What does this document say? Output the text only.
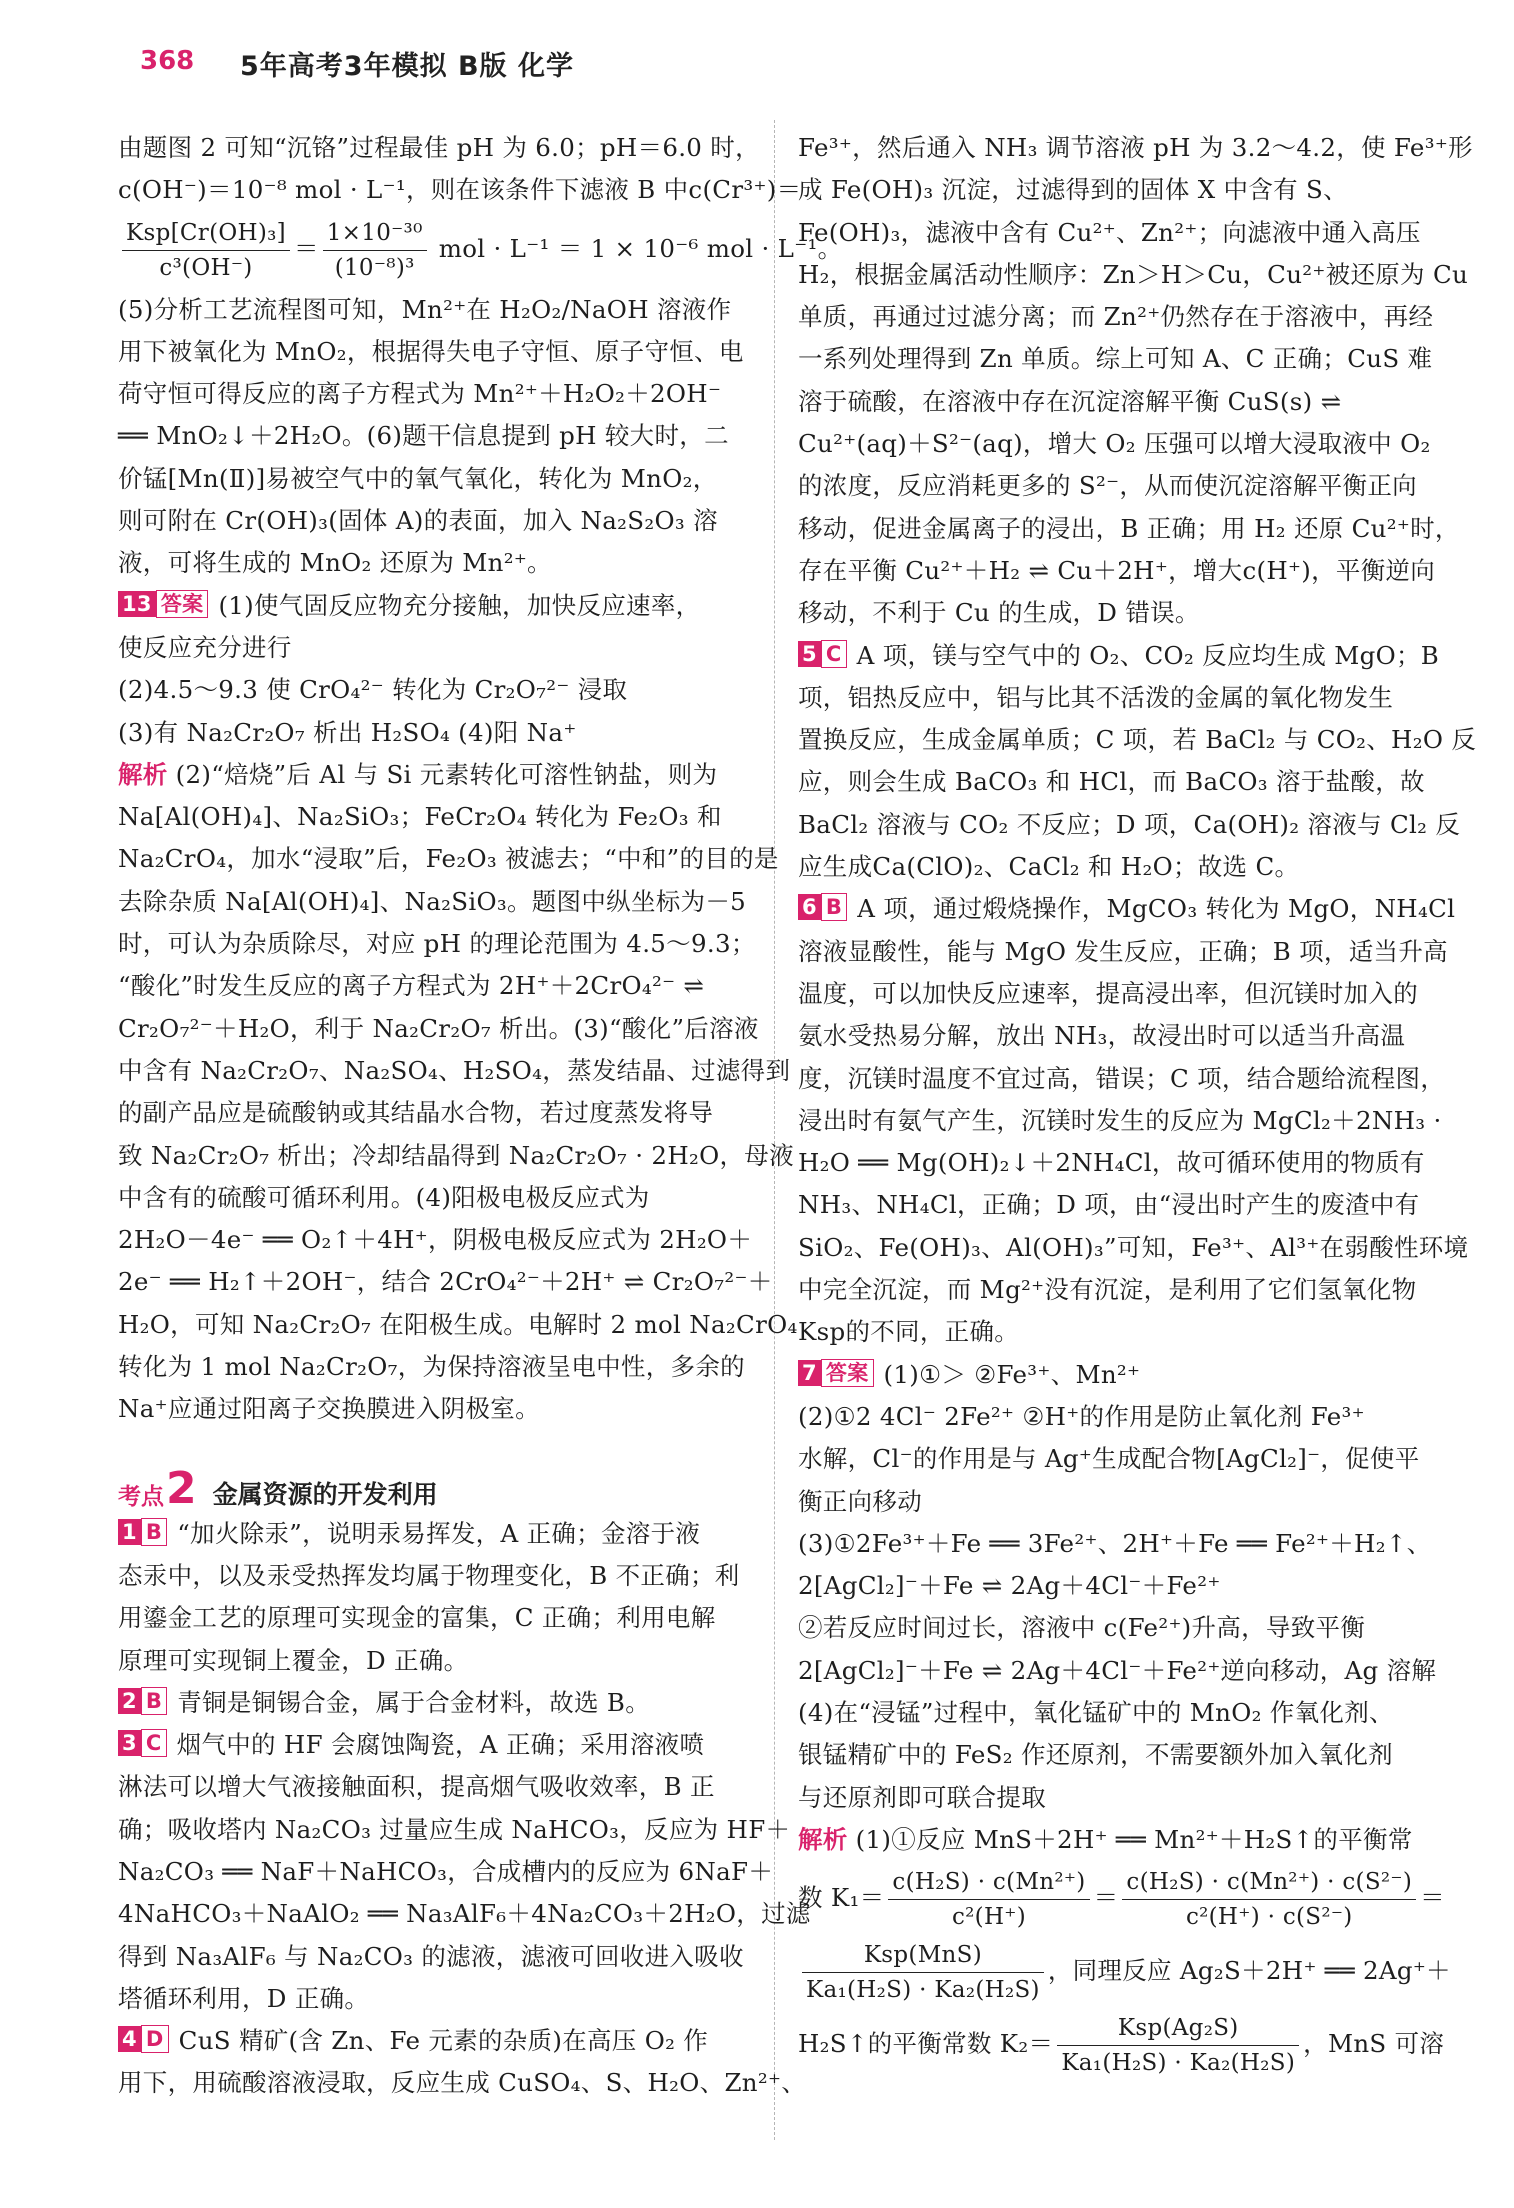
368 5年高考3年模拟 B版 化学
由题图 2 可知“沉铬”过程最佳 pH 为 6.0；pH＝6.0 时，
c(OH⁻)＝10⁻⁸ mol · L⁻¹，则在该条件下滤液 B 中c(Cr³⁺)＝
$\frac{\text{Ksp[Cr(OH)₃]}}{\text{c³(OH⁻)}} = \frac{\text{1×10⁻³⁰}}{\text{(10⁻⁸)³}}$ mol · L⁻¹ ＝ 1 × 10⁻⁶ mol · L⁻¹。
(5)分析工艺流程图可知，Mn²⁺在 H₂O₂/NaOH 溶液作
用下被氧化为 MnO₂，根据得失电子守恒、原子守恒、电
荷守恒可得反应的离子方程式为 Mn²⁺＋H₂O₂＋2OH⁻
══ MnO₂↓＋2H₂O。(6)题干信息提到 pH 较大时，二
价锰[Mn(Ⅱ)]易被空气中的氧气氧化，转化为 MnO₂，
则可附在 Cr(OH)₃(固体 A)的表面，加入 Na₂S₂O₃ 溶
液，可将生成的 MnO₂ 还原为 Mn²⁺。
13 答案 (1)使气固反应物充分接触，加快反应速率，
使反应充分进行
(2)4.5～9.3 使 CrO₄²⁻ 转化为 Cr₂O₇²⁻ 浸取
(3)有 Na₂Cr₂O₇ 析出 H₂SO₄ (4)阳 Na⁺
解析 (2)“焙烧”后 Al 与 Si 元素转化可溶性钠盐，则为
Na[Al(OH)₄]、Na₂SiO₃；FeCr₂O₄ 转化为 Fe₂O₃ 和
Na₂CrO₄，加水“浸取”后，Fe₂O₃ 被滤去；“中和”的目的是
去除杂质 Na[Al(OH)₄]、Na₂SiO₃。题图中纵坐标为－5
时，可认为杂质除尽，对应 pH 的理论范围为 4.5～9.3；
“酸化”时发生反应的离子方程式为 2H⁺＋2CrO₄²⁻ ⇌
Cr₂O₇²⁻＋H₂O，利于 Na₂Cr₂O₇ 析出。(3)“酸化”后溶液
中含有 Na₂Cr₂O₇、Na₂SO₄、H₂SO₄，蒸发结晶、过滤得到
的副产品应是硫酸钠或其结晶水合物，若过度蒸发将导
致 Na₂Cr₂O₇ 析出；冷却结晶得到 Na₂Cr₂O₇ · 2H₂O，母液
中含有的硫酸可循环利用。(4)阳极电极反应式为
2H₂O－4e⁻ ══ O₂↑＋4H⁺，阴极电极反应式为 2H₂O＋
2e⁻ ══ H₂↑＋2OH⁻，结合 2CrO₄²⁻＋2H⁺ ⇌ Cr₂O₇²⁻＋
H₂O，可知 Na₂Cr₂O₇ 在阳极生成。电解时 2 mol Na₂CrO₄
转化为 1 mol Na₂Cr₂O₇，为保持溶液呈电中性，多余的
Na⁺应通过阳离子交换膜进入阴极室。
考点 2 金属资源的开发利用
1 B “加火除汞”，说明汞易挥发，A 正确；金溶于液
态汞中，以及汞受热挥发均属于物理变化，B 不正确；利
用鎏金工艺的原理可实现金的富集，C 正确；利用电解
原理可实现铜上覆金，D 正确。
2 B 青铜是铜锡合金，属于合金材料，故选 B。
3 C 烟气中的 HF 会腐蚀陶瓷，A 正确；采用溶液喷
淋法可以增大气液接触面积，提高烟气吸收效率，B 正
确；吸收塔内 Na₂CO₃ 过量应生成 NaHCO₃，反应为 HF＋
Na₂CO₃ ══ NaF＋NaHCO₃，合成槽内的反应为 6NaF＋
4NaHCO₃＋NaAlO₂ ══ Na₃AlF₆＋4Na₂CO₃＋2H₂O，过滤
得到 Na₃AlF₆ 与 Na₂CO₃ 的滤液，滤液可回收进入吸收
塔循环利用，D 正确。
4 D CuS 精矿(含 Zn、Fe 元素的杂质)在高压 O₂ 作
用下，用硫酸溶液浸取，反应生成 CuSO₄、S、H₂O、Zn²⁺、
Fe³⁺，然后通入 NH₃ 调节溶液 pH 为 3.2～4.2，使 Fe³⁺形
成 Fe(OH)₃ 沉淀，过滤得到的固体 X 中含有 S、
Fe(OH)₃，滤液中含有 Cu²⁺、Zn²⁺；向滤液中通入高压
H₂，根据金属活动性顺序：Zn＞H＞Cu，Cu²⁺被还原为 Cu
单质，再通过过滤分离；而 Zn²⁺仍然存在于溶液中，再经
一系列处理得到 Zn 单质。综上可知 A、C 正确；CuS 难
溶于硫酸，在溶液中存在沉淀溶解平衡 CuS(s) ⇌
Cu²⁺(aq)＋S²⁻(aq)，增大 O₂ 压强可以增大浸取液中 O₂
的浓度，反应消耗更多的 S²⁻，从而使沉淀溶解平衡正向
移动，促进金属离子的浸出，B 正确；用 H₂ 还原 Cu²⁺时，
存在平衡 Cu²⁺＋H₂ ⇌ Cu＋2H⁺，增大c(H⁺)，平衡逆向
移动，不利于 Cu 的生成，D 错误。
5 C A 项，镁与空气中的 O₂、CO₂ 反应均生成 MgO；B
项，铝热反应中，铝与比其不活泼的金属的氧化物发生
置换反应，生成金属单质；C 项，若 BaCl₂ 与 CO₂、H₂O 反
应，则会生成 BaCO₃ 和 HCl，而 BaCO₃ 溶于盐酸，故
BaCl₂ 溶液与 CO₂ 不反应；D 项，Ca(OH)₂ 溶液与 Cl₂ 反
应生成Ca(ClO)₂、CaCl₂ 和 H₂O；故选 C。
6 B A 项，通过煅烧操作，MgCO₃ 转化为 MgO，NH₄Cl
溶液显酸性，能与 MgO 发生反应，正确；B 项，适当升高
温度，可以加快反应速率，提高浸出率，但沉镁时加入的
氨水受热易分解，放出 NH₃，故浸出时可以适当升高温
度，沉镁时温度不宜过高，错误；C 项，结合题给流程图，
浸出时有氨气产生，沉镁时发生的反应为 MgCl₂＋2NH₃ ·
H₂O ══ Mg(OH)₂↓＋2NH₄Cl，故可循环使用的物质有
NH₃、NH₄Cl，正确；D 项，由“浸出时产生的废渣中有
SiO₂、Fe(OH)₃、Al(OH)₃”可知，Fe³⁺、Al³⁺在弱酸性环境
中完全沉淀，而 Mg²⁺没有沉淀，是利用了它们氢氧化物
Ksp的不同，正确。
7 答案 (1)①＞ ②Fe³⁺、Mn²⁺
(2)①2 4Cl⁻ 2Fe²⁺ ②H⁺的作用是防止氧化剂 Fe³⁺
水解，Cl⁻的作用是与 Ag⁺生成配合物[AgCl₂]⁻，促使平
衡正向移动
(3)①2Fe³⁺＋Fe ══ 3Fe²⁺、2H⁺＋Fe ══ Fe²⁺＋H₂↑、
2[AgCl₂]⁻＋Fe ⇌ 2Ag＋4Cl⁻＋Fe²⁺
②若反应时间过长，溶液中 c(Fe²⁺)升高，导致平衡
2[AgCl₂]⁻＋Fe ⇌ 2Ag＋4Cl⁻＋Fe²⁺逆向移动，Ag 溶解
(4)在“浸锰”过程中，氧化锰矿中的 MnO₂ 作氧化剂、
银锰精矿中的 FeS₂ 作还原剂，不需要额外加入氧化剂
与还原剂即可联合提取
解析 (1)①反应 MnS＋2H⁺ ══ Mn²⁺＋H₂S↑的平衡常
数 $K_1= \frac{\text{c(H₂S) · c(Mn²⁺)}}{\text{c²(H⁺)}} = \frac{\text{c(H₂S) · c(Mn²⁺) · c(S²⁻)}}{\text{c²(H⁺) · c(S²⁻)}}$ ＝
$\frac{\text{Ksp(MnS)}}{\text{Ka₁(H₂S) · Ka₂(H₂S)}}$ ，同理反应 Ag₂S＋2H⁺ ══ 2Ag⁺＋
H₂S↑的平衡常数 $K_2= \frac{\text{Ksp(Ag₂S)}}{\text{Ka₁(H₂S) · Ka₂(H₂S)}}$ ，MnS 可溶
